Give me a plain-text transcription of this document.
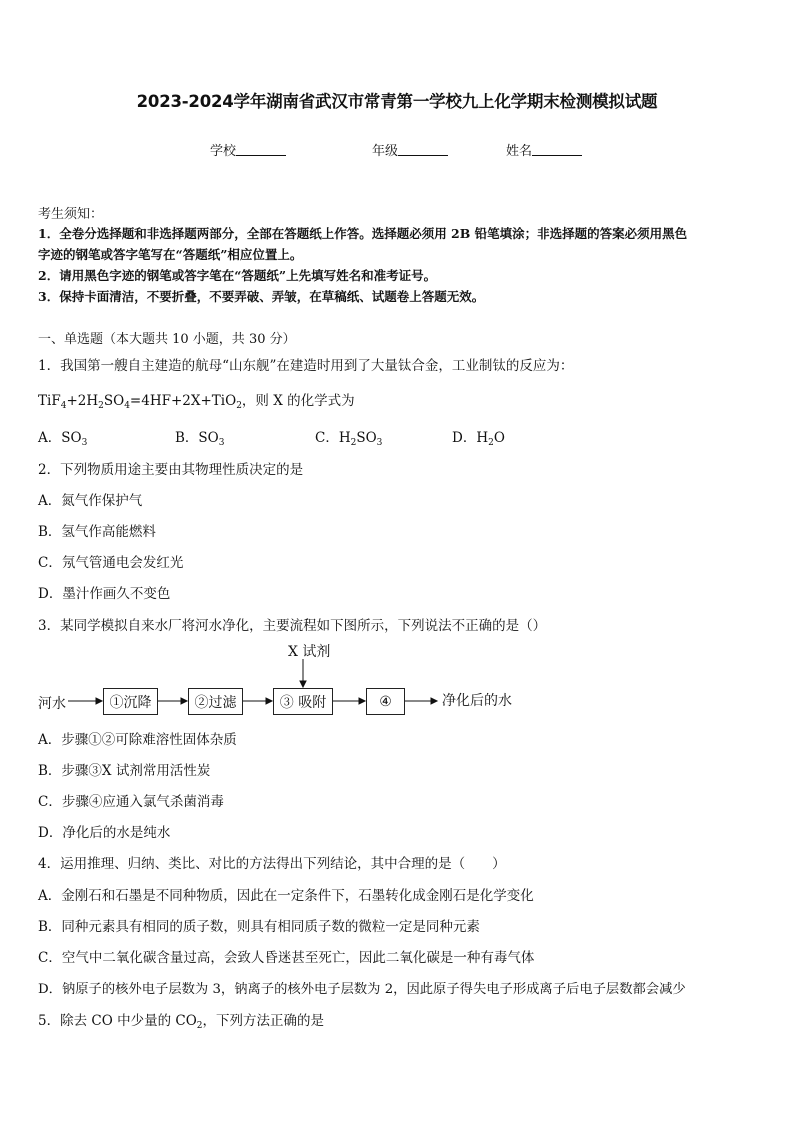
2023-2024学年湖南省武汉市常青第一学校九上化学期末检测模拟试题
学校	年级	姓名
考生须知：
1．全卷分选择题和非选择题两部分，全部在答题纸上作答。选择题必须用 2B 铅笔填涂；非选择题的答案必须用黑色
字迹的钢笔或答字笔写在“答题纸”相应位置上。
2．请用黑色字迹的钢笔或答字笔在“答题纸”上先填写姓名和准考证号。
3．保持卡面清洁，不要折叠，不要弄破、弄皱，在草稿纸、试题卷上答题无效。
一、单选题（本大题共 10 小题，共 30 分）
1．我国第一艘自主建造的航母“山东舰”在建造时用到了大量钛合金，工业制钛的反应为：
$TiF_4+2H_2SO_4=4HF+2X+TiO_2$，则 X 的化学式为
A．$SO_3$	B．$SO_3$	C．$H_2SO_3$	D．$H_2O$
2．下列物质用途主要由其物理性质决定的是
A．氮气作保护气
B．氢气作高能燃料
C．氖气管通电会发红光
D．墨汁作画久不变色
3．某同学模拟自来水厂将河水净化，主要流程如下图所示，下列说法不正确的是（）
X 试剂
河水	①沉降	②过滤	③ 吸附	④	净化后的水
A．步骤①②可除难溶性固体杂质
B．步骤③X 试剂常用活性炭
C．步骤④应通入氯气杀菌消毒
D．净化后的水是纯水
4．运用推理、归纳、类比、对比的方法得出下列结论，其中合理的是（　　）
A．金刚石和石墨是不同种物质，因此在一定条件下，石墨转化成金刚石是化学变化
B．同种元素具有相同的质子数，则具有相同质子数的微粒一定是同种元素
C．空气中二氧化碳含量过高，会致人昏迷甚至死亡，因此二氧化碳是一种有毒气体
D．钠原子的核外电子层数为 3，钠离子的核外电子层数为 2，因此原子得失电子形成离子后电子层数都会减少
5．除去 CO 中少量的 $CO_2$，下列方法正确的是
